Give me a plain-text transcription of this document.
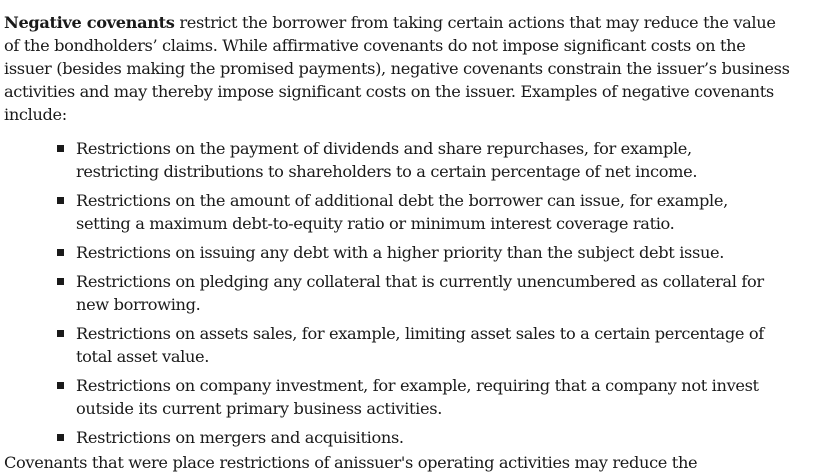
Negative covenants restrict the borrower from taking certain actions that may reduce the value of the bondholders’ claims. While affirmative covenants do not impose significant costs on the issuer (besides making the promised payments), negative covenants constrain the issuer’s business activities and may thereby impose significant costs on the issuer. Examples of negative covenants include:

Restrictions on the payment of dividends and share repurchases, for example, restricting distributions to shareholders to a certain percentage of net income.
Restrictions on the amount of additional debt the borrower can issue, for example, setting a maximum debt-to-equity ratio or minimum interest coverage ratio.
Restrictions on issuing any debt with a higher priority than the subject debt issue.
Restrictions on pledging any collateral that is currently unencumbered as collateral for new borrowing.
Restrictions on assets sales, for example, limiting asset sales to a certain percentage of total asset value.
Restrictions on company investment, for example, requiring that a company not invest outside its current primary business activities.
Restrictions on mergers and acquisitions.

Covenants that were place restrictions of anissuer's operating activities may reduce the
